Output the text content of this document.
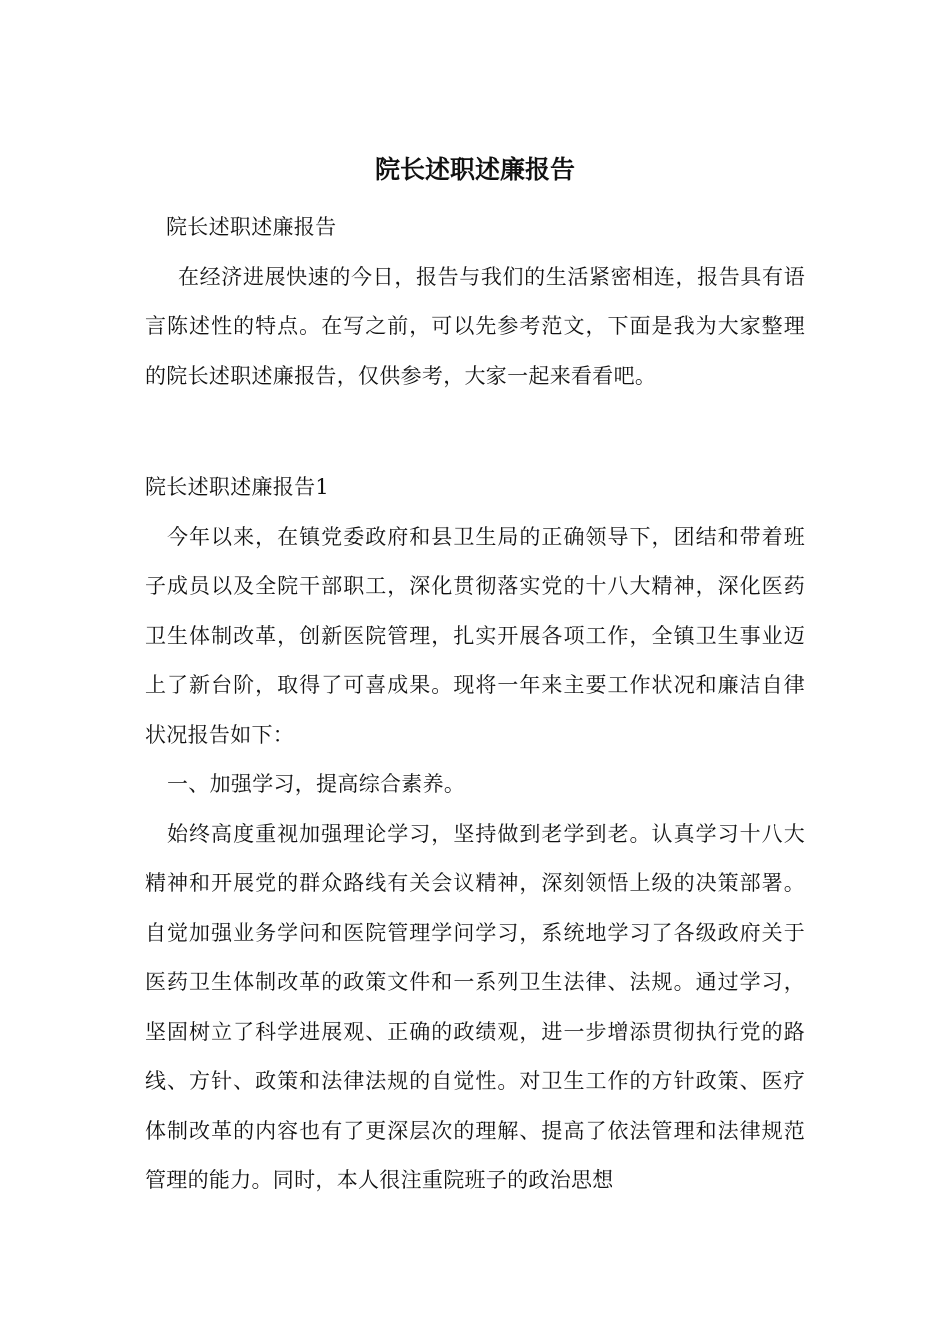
院长述职述廉报告

院长述职述廉报告

在经济进展快速的今日，报告与我们的生活紧密相连，报告具有语言陈述性的特点。在写之前，可以先参考范文，下面是我为大家整理的院长述职述廉报告，仅供参考，大家一起来看看吧。

院长述职述廉报告1

今年以来，在镇党委政府和县卫生局的正确领导下，团结和带着班子成员以及全院干部职工，深化贯彻落实党的十八大精神，深化医药卫生体制改革，创新医院管理，扎实开展各项工作，全镇卫生事业迈上了新台阶，取得了可喜成果。现将一年来主要工作状况和廉洁自律状况报告如下：

一、加强学习，提高综合素养。

始终高度重视加强理论学习，坚持做到老学到老。认真学习十八大精神和开展党的群众路线有关会议精神，深刻领悟上级的决策部署。自觉加强业务学问和医院管理学问学习，系统地学习了各级政府关于医药卫生体制改革的政策文件和一系列卫生法律、法规。通过学习，坚固树立了科学进展观、正确的政绩观，进一步增添贯彻执行党的路线、方针、政策和法律法规的自觉性。对卫生工作的方针政策、医疗体制改革的内容也有了更深层次的理解、提高了依法管理和法律规范管理的能力。同时，本人很注重院班子的政治思想
